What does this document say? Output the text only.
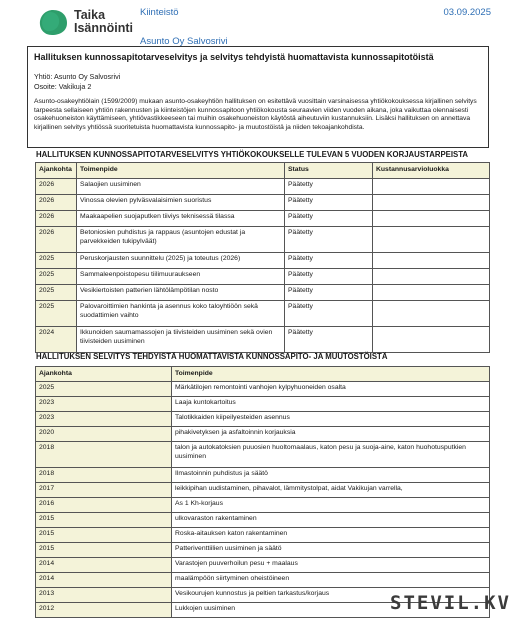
Taika
Isännöinti
Kiinteistö	03.09.2025
Asunto Oy Salvosrivi
Hallituksen kunnossapitotarveselvitys ja selvitys tehdyistä huomattavista kunnossapitotöistä
Yhtiö: Asunto Oy Salvosrivi
Osoite: Vakikuja 2
Asunto-osakeyhtiölain (1599/2009) mukaan asunto-osakeyhtiön hallituksen on esitettävä vuosittain varsinaisessa yhtiökokouksessa kirjallinen selvitys tarpeesta sellaiseen yhtiön rakennusten ja kiinteistöjen kunnossapitoon yhtiökokousta seuraavien viiden vuoden aikana, joka vaikuttaa olennaisesti osakehuoneiston käyttämiseen, yhtiövastikkeeseen tai muihin osakehuoneiston käytöstä aiheutuviin kustannuksiin. Lisäksi hallituksen on annettava kirjallinen selvitys yhtiössä suoritetuista huomattavista kunnossapito- ja muutostöistä ja niiden tekoajankohdista.
HALLITUKSEN KUNNOSSAPITOTARVESELVITYS YHTIÖKOKOUKSELLE TULEVAN 5 VUODEN KORJAUSTARPEISTA
Ajankohta	Toimenpide	Status	Kustannusarvioluokka
2026	Salaojien uusiminen	Päätetty	
2026	Vinossa olevien pylväsvalaisimien suoristus	Päätetty	
2026	Maakaapelien suojaputken tiiviys teknisessä tilassa	Päätetty	
2026	Betoniosien puhdistus ja rappaus (asuntojen edustat ja parvekkeiden tukipylväät)	Päätetty	
2025	Peruskorjausten suunnittelu (2025) ja toteutus (2026)	Päätetty	
2025	Sammaleenpoistopesu tiilimuuraukseen	Päätetty	
2025	Vesikiertoisten patterien lähtölämpötilan nosto	Päätetty	
2025	Palovaroittimien hankinta ja asennus koko taloyhtiöön sekä suodattimien vaihto	Päätetty	
2024	Ikkunoiden saumamassojen ja tiivisteiden uusiminen sekä ovien tiivisteiden uusiminen	Päätetty	
HALLITUKSEN SELVITYS TEHDYISTÄ HUOMATTAVISTA KUNNOSSAPITO- JA MUUTOSTÖISTÄ
Ajankohta	Toimenpide
2025	Märkätilojen remontointi vanhojen kylpyhuoneiden osalta
2023	Laaja kuntokartoitus
2023	Talotikkaiden kiipeilyesteiden asennus
2020	pihakivetyksen ja asfaltoinnin korjauksia
2018	talon ja autokatoksien puuosien huoltomaalaus, katon pesu ja suoja-aine, katon huohotusputkien uusiminen
2018	Ilmastoinnin puhdistus ja säätö
2017	leikkipihan uudistaminen, pihavalot, lämmitystolpat, aidat Vakikujan varrella,
2016	As 1 Kh-korjaus
2015	ulkovaraston rakentaminen
2015	Roska-aitauksen katon rakentaminen
2015	Patteriventtiilien uusiminen ja säätö
2014	Varastojen puuverhoilun pesu + maalaus
2014	maalämpöön siirtyminen oheistöineen
2013	Vesikourujen kunnostus ja peltien tarkastus/korjaus
2012	Lukkojen uusiminen	STEVIL.KV
